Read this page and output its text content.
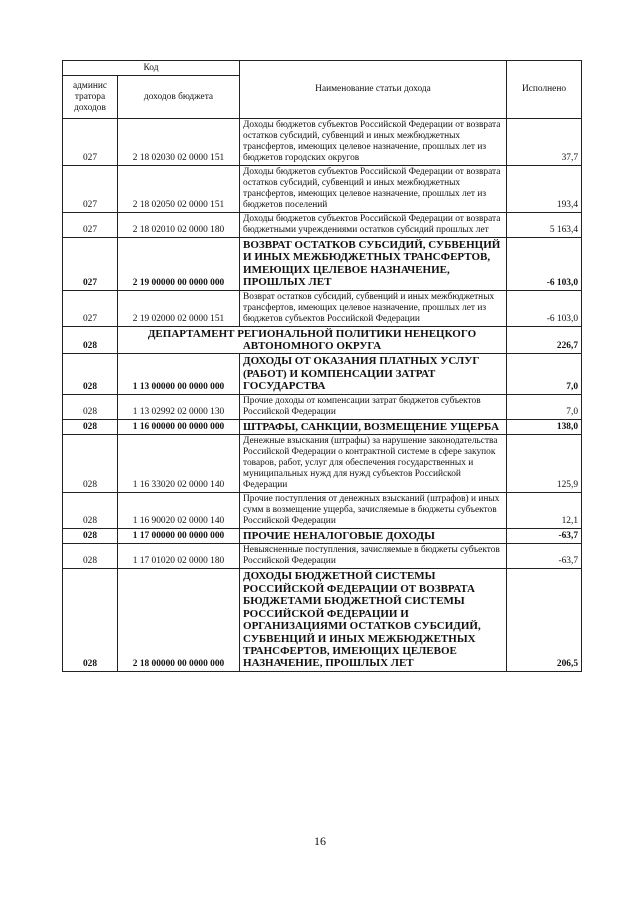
Код		Наименование статьи дохода	Исполнено
админис тратора доходов	доходов бюджета		
027	2 18 02030 02 0000 151	Доходы бюджетов субъектов Российской Федерации от возврата остатков субсидий, субвенций и иных межбюджетных трансфертов, имеющих целевое назначение, прошлых лет из бюджетов городских округов	37,7
027	2 18 02050 02 0000 151	Доходы бюджетов субъектов Российской Федерации от возврата остатков субсидий, субвенций и иных межбюджетных трансфертов, имеющих целевое назначение, прошлых лет из бюджетов поселений	193,4
027	2 18 02010 02 0000 180	Доходы бюджетов субъектов Российской Федерации от возврата бюджетными учреждениями остатков субсидий прошлых лет	5 163,4
027	2 19 00000 00 0000 000	ВОЗВРАТ ОСТАТКОВ СУБСИДИЙ, СУБВЕНЦИЙ И ИНЫХ МЕЖБЮДЖЕТНЫХ ТРАНСФЕРТОВ, ИМЕЮЩИХ ЦЕЛЕВОЕ НАЗНАЧЕНИЕ, ПРОШЛЫХ ЛЕТ	-6 103,0
027	2 19 02000 02 0000 151	Возврат остатков субсидий, субвенций и иных межбюджетных трансфертов, имеющих целевое назначение, прошлых лет из бюджетов субъектов Российской Федерации	-6 103,0
028	ДЕПАРТАМЕНТ РЕГИОНАЛЬНОЙ ПОЛИТИКИ НЕНЕЦКОГО АВТОНОМНОГО ОКРУГА		226,7
028	1 13 00000 00 0000 000	ДОХОДЫ ОТ ОКАЗАНИЯ ПЛАТНЫХ УСЛУГ (РАБОТ) И КОМПЕНСАЦИИ ЗАТРАТ ГОСУДАРСТВА	7,0
028	1 13 02992 02 0000 130	Прочие доходы от компенсации затрат бюджетов субъектов Российской Федерации	7,0
028	1 16 00000 00 0000 000	ШТРАФЫ, САНКЦИИ, ВОЗМЕЩЕНИЕ УЩЕРБА	138,0
028	1 16 33020 02 0000 140	Денежные взыскания (штрафы) за нарушение законодательства Российской Федерации о контрактной системе в сфере закупок товаров, работ, услуг для обеспечения государственных и муниципальных нужд для нужд субъектов Российской Федерации	125,9
028	1 16 90020 02 0000 140	Прочие поступления от денежных взысканий (штрафов) и иных сумм в возмещение ущерба, зачисляемые в бюджеты субъектов Российской Федерации	12,1
028	1 17 00000 00 0000 000	ПРОЧИЕ НЕНАЛОГОВЫЕ ДОХОДЫ	-63,7
028	1 17 01020 02 0000 180	Невыясненные поступления, зачисляемые в бюджеты субъектов Российской Федерации	-63,7
028	2 18 00000 00 0000 000	ДОХОДЫ БЮДЖЕТНОЙ СИСТЕМЫ РОССИЙСКОЙ ФЕДЕРАЦИИ ОТ ВОЗВРАТА БЮДЖЕТАМИ БЮДЖЕТНОЙ СИСТЕМЫ РОССИЙСКОЙ ФЕДЕРАЦИИ И ОРГАНИЗАЦИЯМИ ОСТАТКОВ СУБСИДИЙ, СУБВЕНЦИЙ И ИНЫХ МЕЖБЮДЖЕТНЫХ ТРАНСФЕРТОВ, ИМЕЮЩИХ ЦЕЛЕВОЕ НАЗНАЧЕНИЕ, ПРОШЛЫХ ЛЕТ	206,5
16
